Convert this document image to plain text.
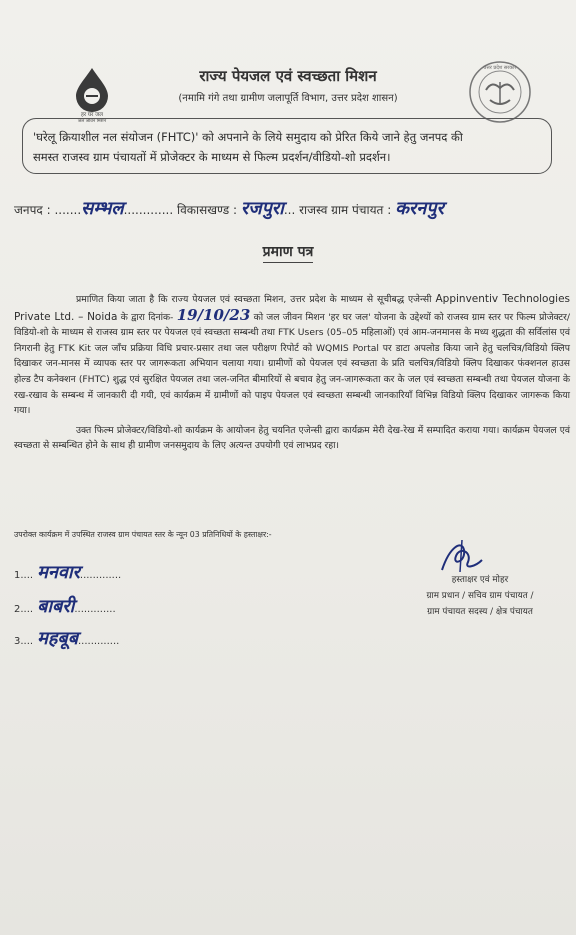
हर घर जल
जल जीवन मिशन
उत्तर प्रदेश सरकार
राज्य पेयजल एवं स्वच्छता मिशन
(नमामि गंगे तथा ग्रामीण जलापूर्ति विभाग, उत्तर प्रदेश शासन)
'घरेलू क्रियाशील नल संयोजन (FHTC)' को अपनाने के लिये समुदाय को प्रेरित किये जाने हेतु जनपद की
समस्त राजस्व ग्राम पंचायतों में प्रोजेक्टर के माध्यम से फिल्म प्रदर्शन/वीडियो-शो प्रदर्शन।
जनपद : .......सम्भल............. विकासखण्ड : रजपुरा... राजस्व ग्राम पंचायत : करनपुर
प्रमाण पत्र
प्रमाणित किया जाता है कि राज्य पेयजल एवं स्वच्छता मिशन, उत्तर प्रदेश के माध्यम से सूचीबद्ध एजेन्सी Appinventiv Technologies Private Ltd. – Noida के द्वारा दिनांक- 19/10/23 को जल जीवन मिशन 'हर घर जल' योजना के उद्देश्यों को राजस्व ग्राम स्तर पर फिल्म प्रोजेक्टर/विडियो-शो के माध्यम से राजस्व ग्राम स्तर पर पेयजल एवं स्वच्छता सम्बन्धी तथा FTK Users (05–05 महिलाओं) एवं आम-जनमानस के मध्य शुद्धता की सर्विलांस एवं निगरानी हेतु FTK Kit जल जाँच प्रक्रिया विधि प्रचार-प्रसार तथा जल परीक्षण रिपोर्ट को WQMIS Portal पर डाटा अपलोड किया जाने हेतु चलचित्र/विडियो क्लिप दिखाकर जन-मानस में व्यापक स्तर पर जागरूकता अभियान चलाया गया। ग्रामीणों को पेयजल एवं स्वच्छता के प्रति चलचित्र/विडियो क्लिप दिखाकर फंक्शनल हाउस होल्ड टैप कनेक्शन (FHTC) शुद्ध एवं सुरक्षित पेयजल तथा जल-जनित बीमारियों से बचाव हेतु जन-जागरूकता कर के जल एवं स्वच्छता सम्बन्धी तथा पेयजल योजना के रख-रखाव के सम्बन्ध में जानकारी दी गयी, एवं कार्यक्रम में ग्रामीणों को पाइप पेयजल एवं स्वच्छता सम्बन्धी जानकारियाँ विभिन्न विडियो क्लिप दिखाकर जागरूक किया गया।
उक्त फिल्म प्रोजेक्टर/विडियो-शो कार्यक्रम के आयोजन हेतु चयनित एजेन्सी द्वारा कार्यक्रम मेरी देख-रेख में सम्पादित कराया गया। कार्यक्रम पेयजल एवं स्वच्छता से सम्बन्धित होने के साथ ही ग्रामीण जनसमुदाय के लिए अत्यन्त उपयोगी एवं लाभप्रद रहा।
उपरोक्त कार्यक्रम में उपस्थित राजस्व ग्राम पंचायत स्तर के न्यून 03 प्रतिनिधियों के हस्ताक्षर:-
1.... मनवार.............
2.... बाबरी.............
3.... महबूब.............
हस्ताक्षर एवं मोहर
ग्राम प्रधान / सचिव ग्राम पंचायत /
ग्राम पंचायत सदस्य / क्षेत्र पंचायत
